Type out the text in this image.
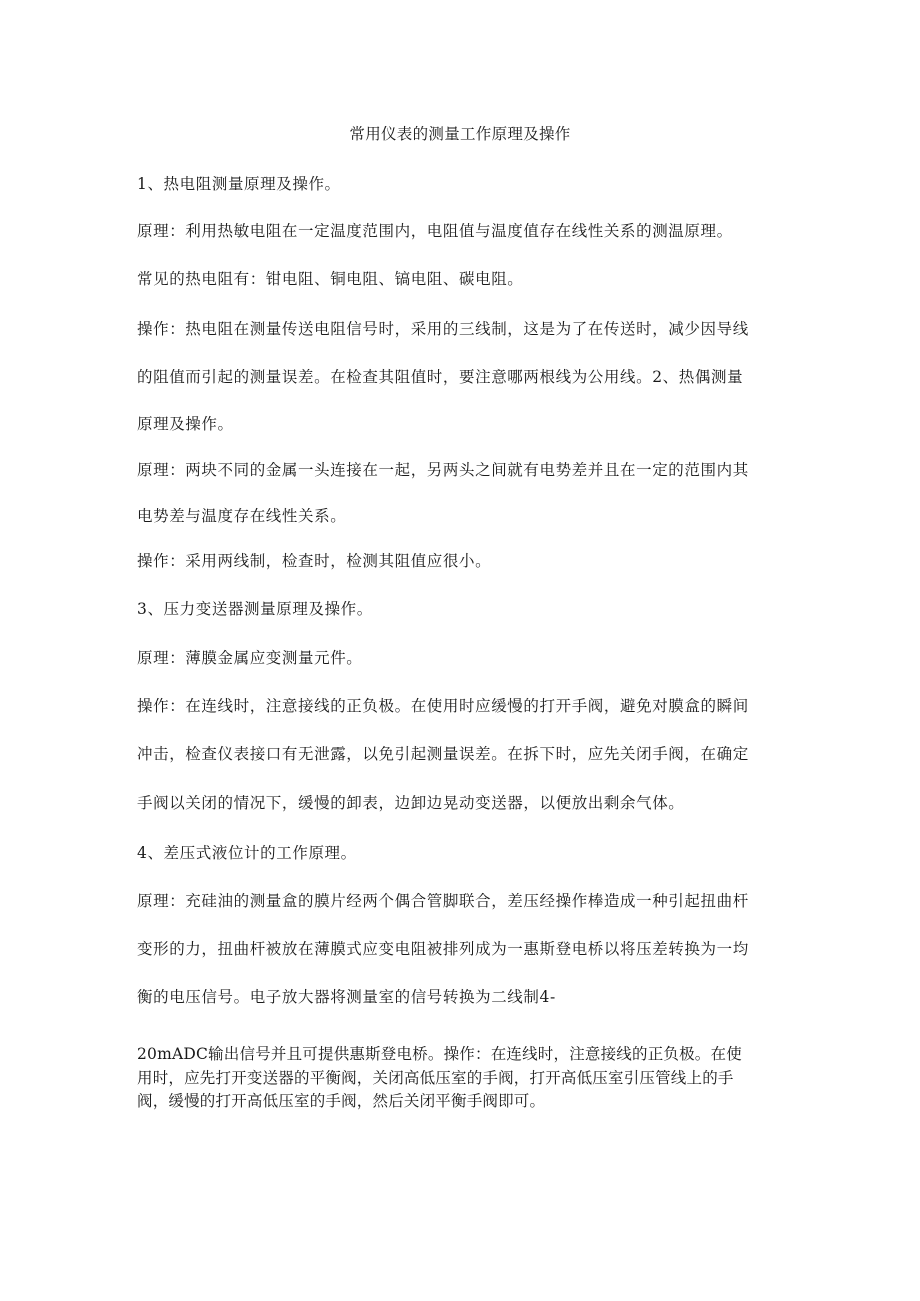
常用仪表的测量工作原理及操作
1、热电阻测量原理及操作。
原理：利用热敏电阻在一定温度范围内，电阻值与温度值存在线性关系的测温原理。
常见的热电阻有：钳电阻、铜电阻、镐电阻、碳电阻。
操作：热电阻在测量传送电阻信号时，采用的三线制，这是为了在传送时，减少因导线
的阻值而引起的测量误差。在检查其阻值时，要注意哪两根线为公用线。2、热偶测量
原理及操作。
原理：两块不同的金属一头连接在一起，另两头之间就有电势差并且在一定的范围内其
电势差与温度存在线性关系。
操作：采用两线制，检查时，检测其阻值应很小。
3、压力变送器测量原理及操作。
原理：薄膜金属应变测量元件。
操作：在连线时，注意接线的正负极。在使用时应缓慢的打开手阀，避免对膜盒的瞬间
冲击，检查仪表接口有无泄露，以免引起测量误差。在拆下时，应先关闭手阀，在确定
手阀以关闭的情况下，缓慢的卸表，边卸边晃动变送器，以便放出剩余气体。
4、差压式液位计的工作原理。
原理：充硅油的测量盒的膜片经两个偶合管脚联合，差压经操作棒造成一种引起扭曲杆
变形的力，扭曲杆被放在薄膜式应变电阻被排列成为一惠斯登电桥以将压差转换为一均
衡的电压信号。电子放大器将测量室的信号转换为二线制4-
20mADC输出信号并且可提供惠斯登电桥。操作：在连线时，注意接线的正负极。在使
用时，应先打开变送器的平衡阀，关闭高低压室的手阀，打开高低压室引压管线上的手
阀，缓慢的打开高低压室的手阀，然后关闭平衡手阀即可。
